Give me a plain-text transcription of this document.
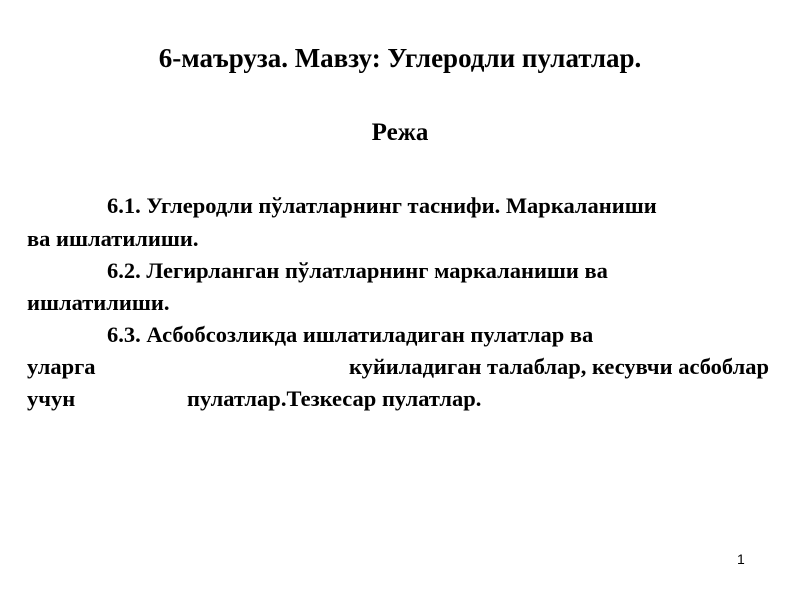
6-маъруза. Мавзу: Углеродли пулатлар.
Режа
6.1. Углеродли пўлатларнинг таснифи. Маркаланиши
ва ишлатилиши.
6.2. Легирланган пўлатларнинг маркаланиши ва
ишлатилиши.
6.3. Асбобсозликда ишлатиладиган пулатлар ва
уларга	куйиладиган талаблар, кесувчи асбоблар
учун	пулатлар.Тезкесар пулатлар.
1
